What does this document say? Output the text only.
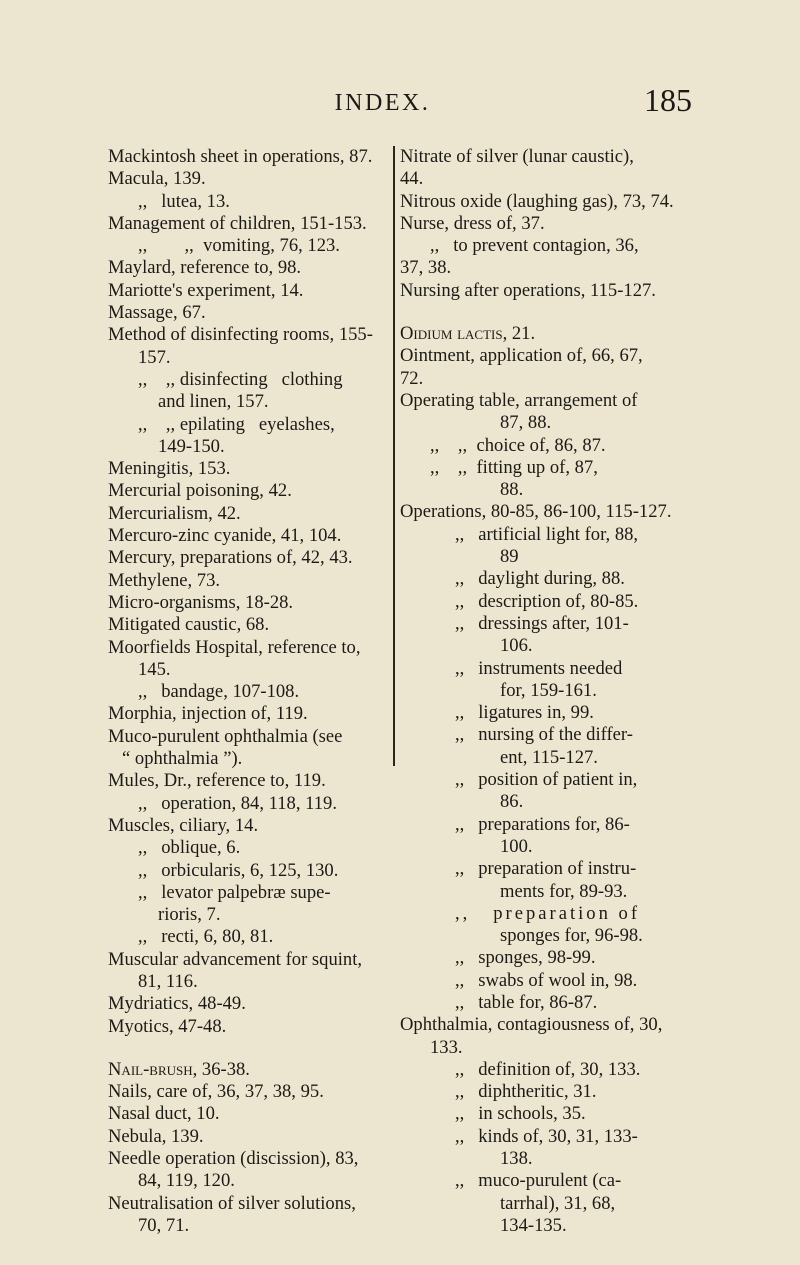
INDEX.	185
Mackintosh sheet in operations, 87.
Macula, 139.
,,   lutea, 13.
Management of children, 151-153.
,,        ,,  vomiting, 76, 123.
Maylard, reference to, 98.
Mariotte's experiment, 14.
Massage, 67.
Method of disinfecting rooms, 155-
157.
,,    ,, disinfecting   clothing
and linen, 157.
,,    ,, epilating   eyelashes,
149-150.
Meningitis, 153.
Mercurial poisoning, 42.
Mercurialism, 42.
Mercuro-zinc cyanide, 41, 104.
Mercury, preparations of, 42, 43.
Methylene, 73.
Micro-organisms, 18-28.
Mitigated caustic, 68.
Moorfields Hospital, reference to,
145.
,,   bandage, 107-108.
Morphia, injection of, 119.
Muco-purulent ophthalmia (see
“ ophthalmia ”).
Mules, Dr., reference to, 119.
,,   operation, 84, 118, 119.
Muscles, ciliary, 14.
,,   oblique, 6.
,,   orbicularis, 6, 125, 130.
,,   levator palpebræ supe-
rioris, 7.
,,   recti, 6, 80, 81.
Muscular advancement for squint,
81, 116.
Mydriatics, 48-49.
Myotics, 47-48.
Nail-brush, 36-38.
Nails, care of, 36, 37, 38, 95.
Nasal duct, 10.
Nebula, 139.
Needle operation (discission), 83,
84, 119, 120.
Neutralisation of silver solutions,
70, 71.
Nitrate of silver (lunar caustic),
44.
Nitrous oxide (laughing gas), 73, 74.
Nurse, dress of, 37.
,,   to prevent contagion, 36,
37, 38.
Nursing after operations, 115-127.
Oidium lactis, 21.
Ointment, application of, 66, 67,
72.
Operating table, arrangement of
87, 88.
,,    ,,  choice of, 86, 87.
,,    ,,  fitting up of, 87,
88.
Operations, 80-85, 86-100, 115-127.
,,   artificial light for, 88,
89
,,   daylight during, 88.
,,   description of, 80-85.
,,   dressings after, 101-
106.
,,   instruments needed
for, 159-161.
,,   ligatures in, 99.
,,   nursing of the differ-
ent, 115-127.
,,   position of patient in,
86.
,,   preparations for, 86-
100.
,,   preparation of instru-
ments for, 89-93.
,,   preparation of
sponges for, 96-98.
,,   sponges, 98-99.
,,   swabs of wool in, 98.
,,   table for, 86-87.
Ophthalmia, contagiousness of, 30,
133.
,,   definition of, 30, 133.
,,   diphtheritic, 31.
,,   in schools, 35.
,,   kinds of, 30, 31, 133-
138.
,,   muco-purulent (ca-
tarrhal), 31, 68,
134-135.
